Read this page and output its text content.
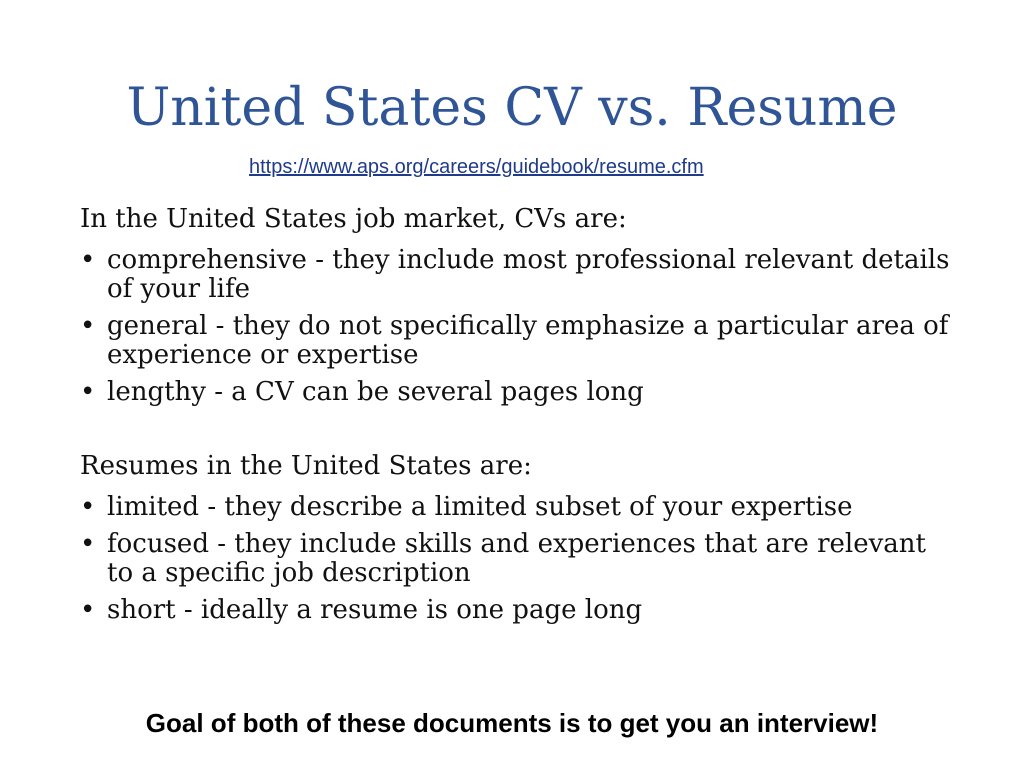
United States CV vs. Resume
https://www.aps.org/careers/guidebook/resume.cfm
In the United States job market, CVs are:
• comprehensive - they include most professional relevant details of your life
• general - they do not specifically emphasize a particular area of experience or expertise
• lengthy - a CV can be several pages long
Resumes in the United States are:
• limited - they describe a limited subset of your expertise
• focused - they include skills and experiences that are relevant to a specific job description
• short - ideally a resume is one page long
Goal of both of these documents is to get you an interview!
